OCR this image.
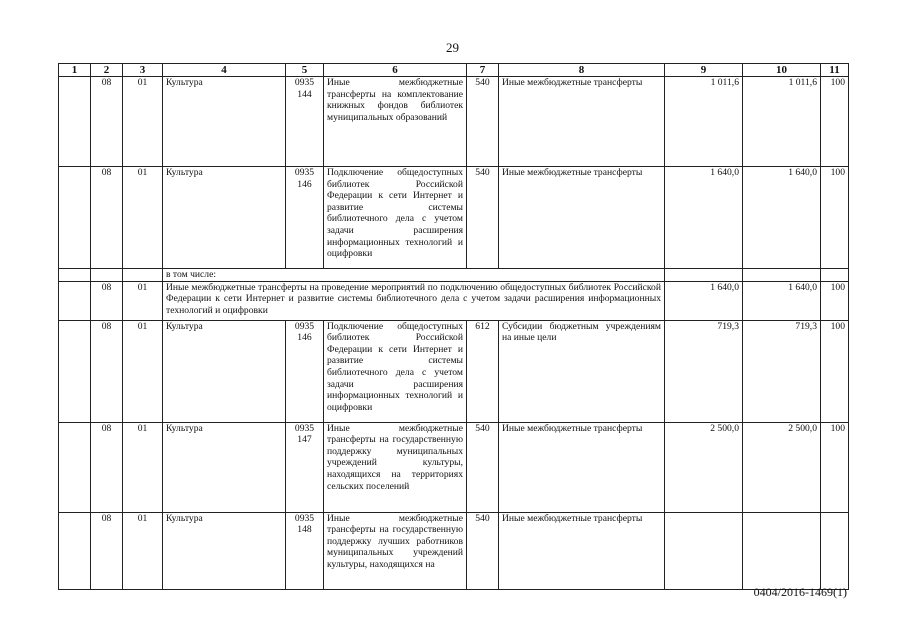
29
1	2	3	4	5	6	7	8	9	10	11
	08	01	Культура	0935 144	Иные межбюджетные трансферты на комплектование книжных фондов библиотек муниципальных образований	540	Иные межбюджетные трансферты	1 011,6	1 011,6	100
	08	01	Культура	0935 146	Подключение общедоступных библиотек Российской Федерации к сети Интернет и развитие системы библиотечного дела с учетом задачи расширения информационных технологий и оцифровки	540	Иные межбюджетные трансферты	1 640,0	1 640,0	100
			в том числе:							
	08	01	Иные межбюджетные трансферты на проведение мероприятий по подключению общедоступных библиотек Российской Федерации к сети Интернет и развитие системы библиотечного дела с учетом задачи расширения информационных технологий и оцифровки					1 640,0	1 640,0	100
	08	01	Культура	0935 146	Подключение общедоступных библиотек Российской Федерации к сети Интернет и развитие системы библиотечного дела с учетом задачи расширения информационных технологий и оцифровки	612	Субсидии бюджетным учреждениям на иные цели	719,3	719,3	100
	08	01	Культура	0935 147	Иные межбюджетные трансферты на государственную поддержку муниципальных учреждений культуры, находящихся на территориях сельских поселений	540	Иные межбюджетные трансферты	2 500,0	2 500,0	100
	08	01	Культура	0935 148	Иные межбюджетные трансферты на государственную поддержку лучших работников муниципальных учреждений культуры, находящихся на	540	Иные межбюджетные трансферты			
0404/2016-1469(1)
